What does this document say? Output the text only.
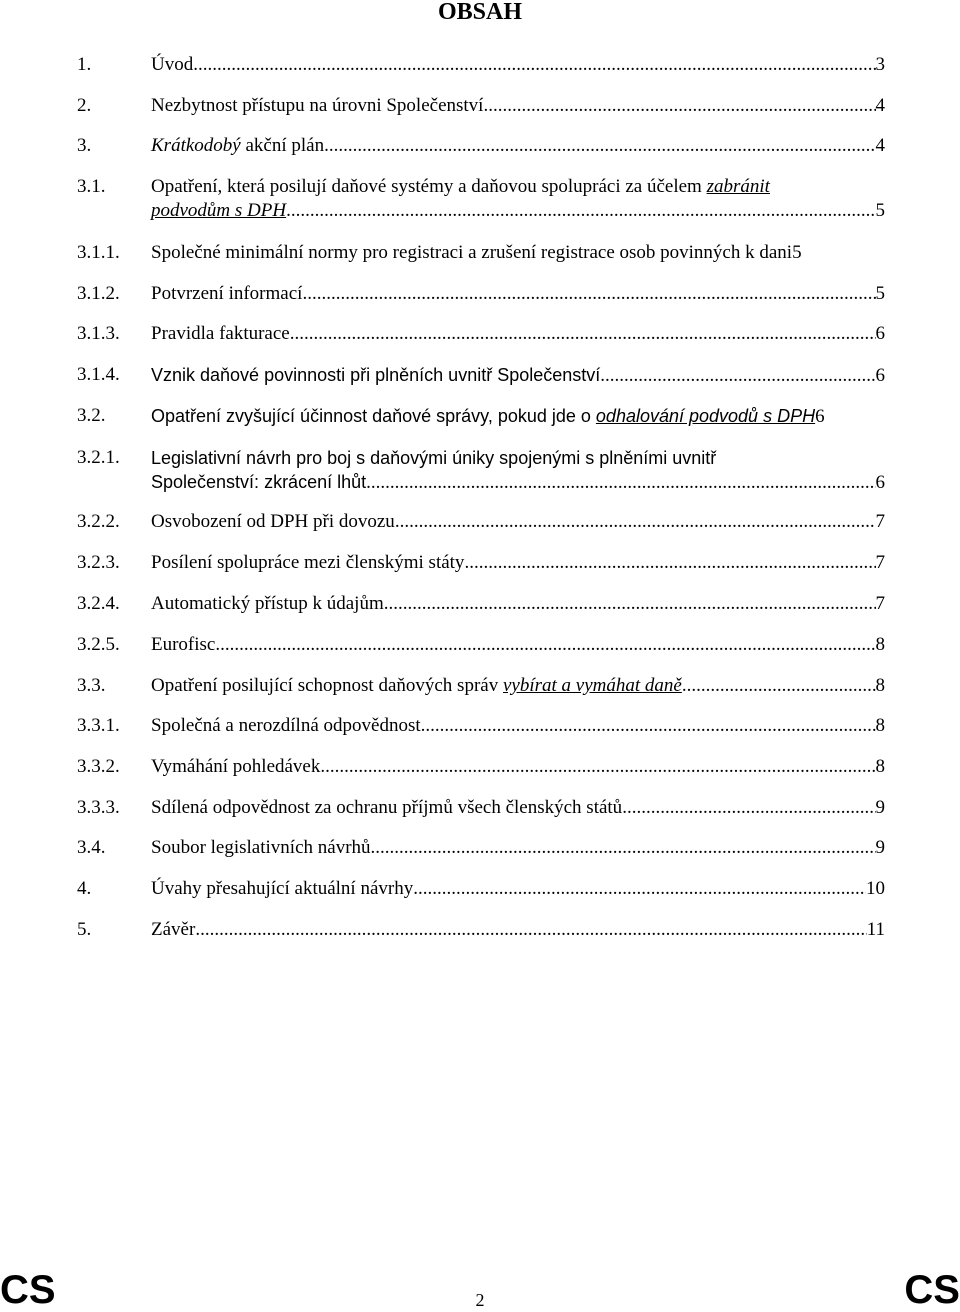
OBSAH
1.	Úvod .....	3
2.	Nezbytnost přístupu na úrovni Společenství .....	4
3.	Krátkodobý akční plán .....	4
3.1. Opatření, která posilují daňové systémy a daňovou spolupráci za účelem zabránit
podvodům s DPH. .....	5
3.1.1. Společné minimální normy pro registraci a zrušení registrace osob povinných k dani 5
3.1.2. Potvrzení informací .....	5
3.1.3. Pravidla fakturace .....	6
3.1.4. Vznik daňové povinnosti při plněních uvnitř Společenství .....	6
3.2.	Opatření zvyšující účinnost daňové správy, pokud jde o odhalování podvodů s DPH 6
3.2.1. Legislativní návrh pro boj s daňovými úniky spojenými s plněními uvnitř
Společenství: zkrácení lhůt .....	6
3.2.2. Osvobození od DPH při dovozu .....	7
3.2.3. Posílení spolupráce mezi členskými státy .....	7
3.2.4. Automatický přístup k údajům .....	7
3.2.5. Eurofisc .....	8
3.3. Opatření posilující schopnost daňových správ vybírat a vymáhat daně .....	8
3.3.1. Společná a nerozdílná odpovědnost .....	8
3.3.2. Vymáhání pohledávek .....	8
3.3.3. Sdílená odpovědnost za ochranu příjmů všech členských států .....	9
3.4. Soubor legislativních návrhů .....	9
4.	Úvahy přesahující aktuální návrhy .....	10
5.	Závěr .....	11
CS	2	CS
